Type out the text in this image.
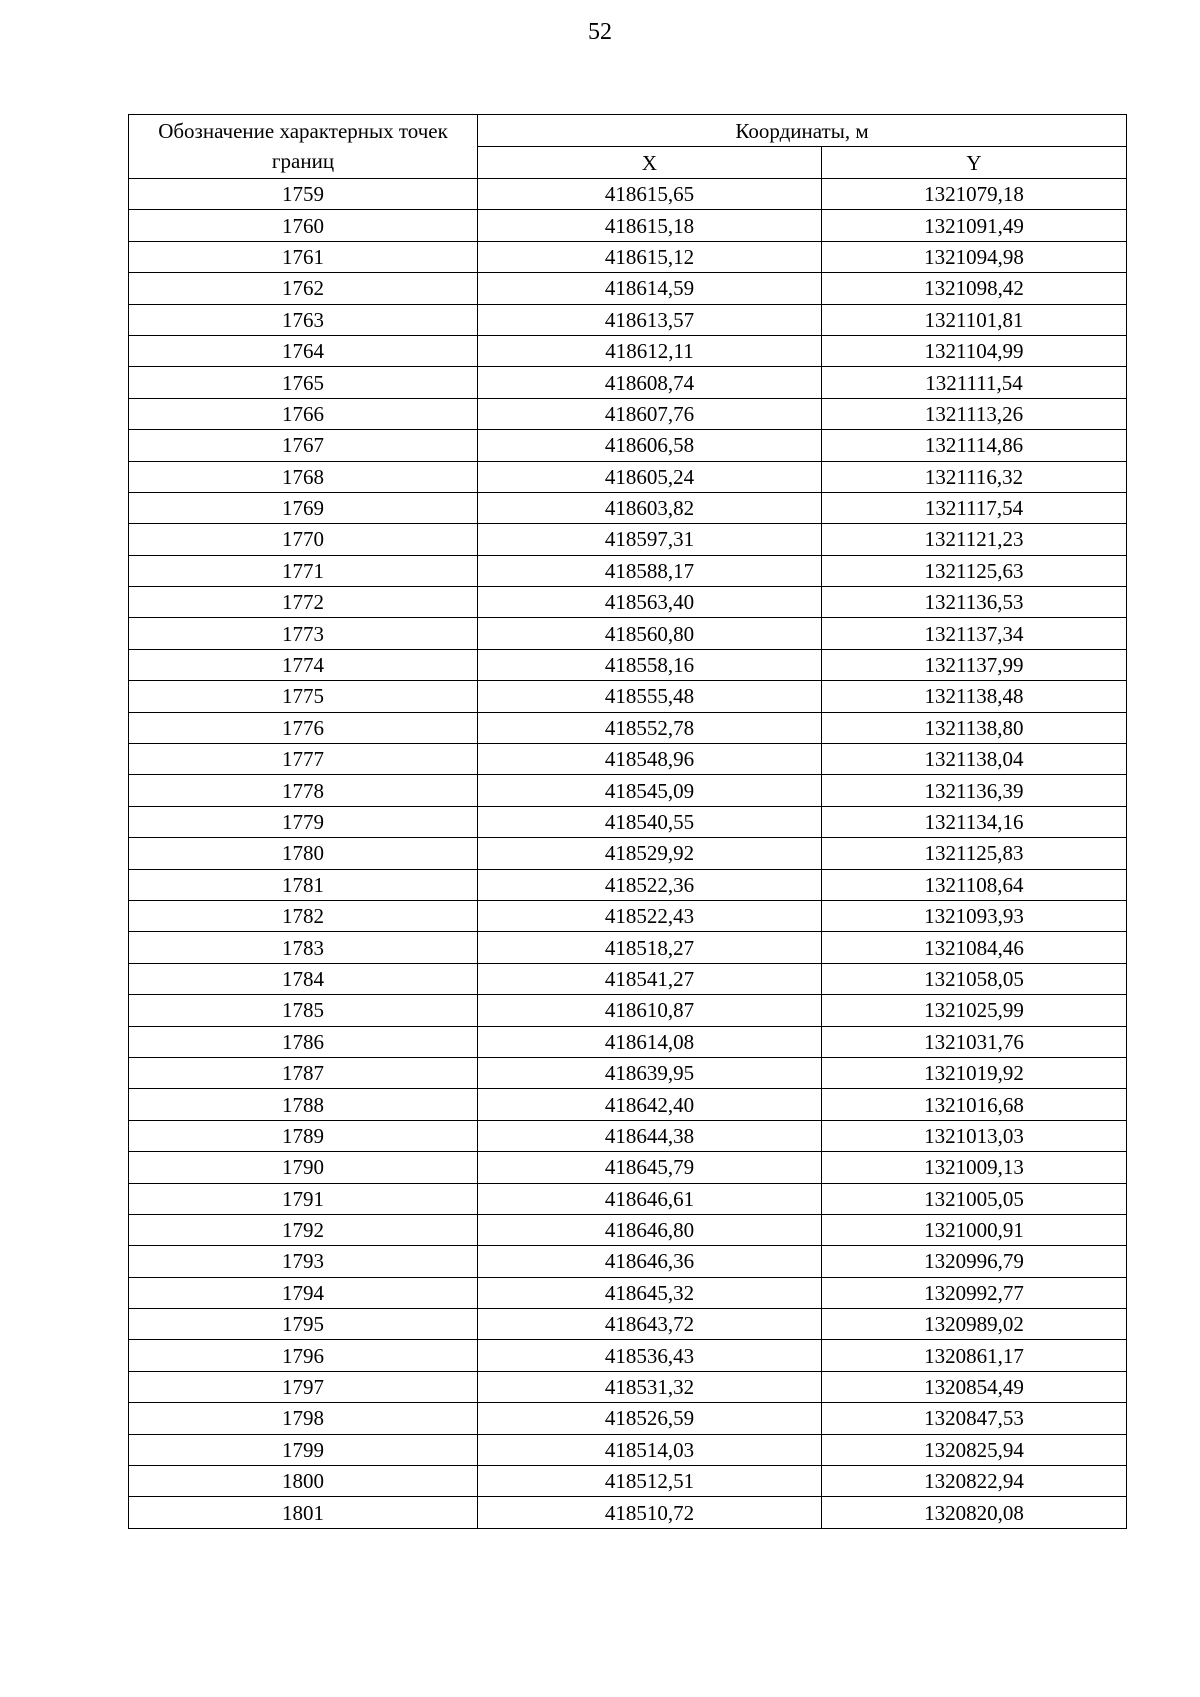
52
Обозначение характерных точек границ	Координаты, м	
	X	Y
1759	418615,65	1321079,18
1760	418615,18	1321091,49
1761	418615,12	1321094,98
1762	418614,59	1321098,42
1763	418613,57	1321101,81
1764	418612,11	1321104,99
1765	418608,74	1321111,54
1766	418607,76	1321113,26
1767	418606,58	1321114,86
1768	418605,24	1321116,32
1769	418603,82	1321117,54
1770	418597,31	1321121,23
1771	418588,17	1321125,63
1772	418563,40	1321136,53
1773	418560,80	1321137,34
1774	418558,16	1321137,99
1775	418555,48	1321138,48
1776	418552,78	1321138,80
1777	418548,96	1321138,04
1778	418545,09	1321136,39
1779	418540,55	1321134,16
1780	418529,92	1321125,83
1781	418522,36	1321108,64
1782	418522,43	1321093,93
1783	418518,27	1321084,46
1784	418541,27	1321058,05
1785	418610,87	1321025,99
1786	418614,08	1321031,76
1787	418639,95	1321019,92
1788	418642,40	1321016,68
1789	418644,38	1321013,03
1790	418645,79	1321009,13
1791	418646,61	1321005,05
1792	418646,80	1321000,91
1793	418646,36	1320996,79
1794	418645,32	1320992,77
1795	418643,72	1320989,02
1796	418536,43	1320861,17
1797	418531,32	1320854,49
1798	418526,59	1320847,53
1799	418514,03	1320825,94
1800	418512,51	1320822,94
1801	418510,72	1320820,08
